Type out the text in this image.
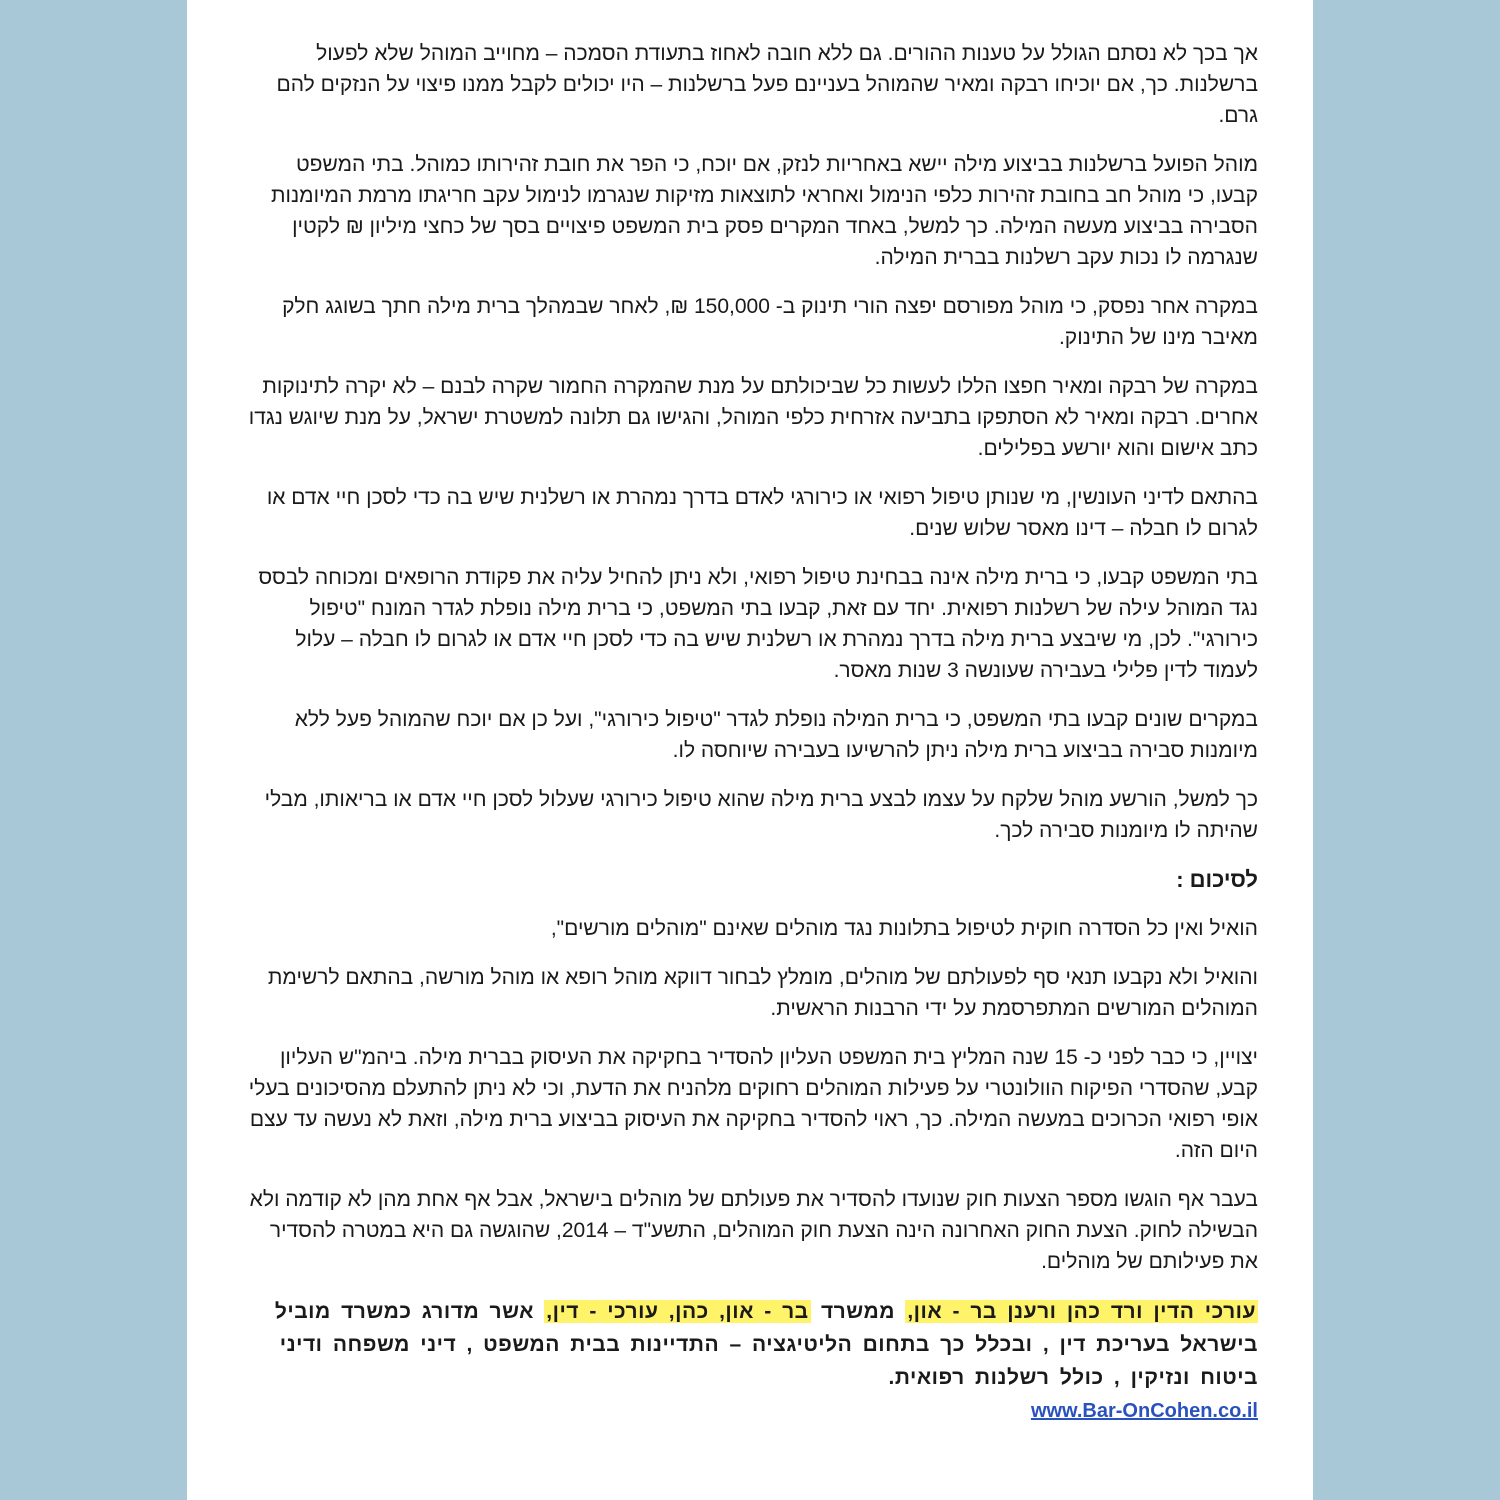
אך בכך לא נסתם הגולל על טענות ההורים. גם ללא חובה לאחוז בתעודת הסמכה – מחוייב המוהל שלא לפעול ברשלנות. כך, אם יוכיחו רבקה ומאיר שהמוהל בעניינם פעל ברשלנות – היו יכולים לקבל ממנו פיצוי על הנזקים להם גרם.

מוהל הפועל ברשלנות בביצוע מילה יישא באחריות לנזק, אם יוכח, כי הפר את חובת זהירותו כמוהל. בתי המשפט קבעו, כי מוהל חב בחובת זהירות כלפי הנימול ואחראי לתוצאות מזיקות שנגרמו לנימול עקב חריגתו מרמת המיומנות הסבירה בביצוע מעשה המילה. כך למשל, באחד המקרים פסק בית המשפט פיצויים בסך של כחצי מיליון ₪ לקטין שנגרמה לו נכות עקב רשלנות בברית המילה.

במקרה אחר נפסק, כי מוהל מפורסם יפצה הורי תינוק ב- 150,000 ₪, לאחר שבמהלך ברית מילה חתך בשוגג חלק מאיבר מינו של התינוק.

במקרה של רבקה ומאיר חפצו הללו לעשות כל שביכולתם על מנת שהמקרה החמור שקרה לבנם – לא יקרה לתינוקות אחרים. רבקה ומאיר לא הסתפקו בתביעה אזרחית כלפי המוהל, והגישו גם תלונה למשטרת ישראל, על מנת שיוגש נגדו כתב אישום והוא יורשע בפלילים.

בהתאם לדיני העונשין, מי שנותן טיפול רפואי או כירורגי לאדם בדרך נמהרת או רשלנית שיש בה כדי לסכן חיי אדם או לגרום לו חבלה – דינו מאסר שלוש שנים.

בתי המשפט קבעו, כי ברית מילה אינה בבחינת טיפול רפואי, ולא ניתן להחיל עליה את פקודת הרופאים ומכוחה לבסס נגד המוהל עילה של רשלנות רפואית. יחד עם זאת, קבעו בתי המשפט, כי ברית מילה נופלת לגדר המונח "טיפול כירורגי". לכן, מי שיבצע ברית מילה בדרך נמהרת או רשלנית שיש בה כדי לסכן חיי אדם או לגרום לו חבלה – עלול לעמוד לדין פלילי בעבירה שעונשה 3 שנות מאסר.

במקרים שונים קבעו בתי המשפט, כי ברית המילה נופלת לגדר "טיפול כירורגי", ועל כן אם יוכח שהמוהל פעל ללא מיומנות סבירה בביצוע ברית מילה ניתן להרשיעו בעבירה שיוחסה לו.

כך למשל, הורשע מוהל שלקח על עצמו לבצע ברית מילה שהוא טיפול כירורגי שעלול לסכן חיי אדם או בריאותו, מבלי שהיתה לו מיומנות סבירה לכך.

לסיכום :

הואיל ואין כל הסדרה חוקית לטיפול בתלונות נגד מוהלים שאינם "מוהלים מורשים",

והואיל ולא נקבעו תנאי סף לפעולתם של מוהלים, מומלץ לבחור דווקא מוהל רופא או מוהל מורשה, בהתאם לרשימת המוהלים המורשים המתפרסמת על ידי הרבנות הראשית.

יצויין, כי כבר לפני כ- 15 שנה המליץ בית המשפט העליון להסדיר בחקיקה את העיסוק בברית מילה. ביהמ"ש העליון קבע, שהסדרי הפיקוח הוולונטרי על פעילות המוהלים רחוקים מלהניח את הדעת, וכי לא ניתן להתעלם מהסיכונים בעלי אופי רפואי הכרוכים במעשה המילה. כך, ראוי להסדיר בחקיקה את העיסוק בביצוע ברית מילה, וזאת לא נעשה עד עצם היום הזה.

בעבר אף הוגשו מספר הצעות חוק שנועדו להסדיר את פעולתם של מוהלים בישראל, אבל אף אחת מהן לא קודמה ולא הבשילה לחוק. הצעת החוק האחרונה הינה הצעת חוק המוהלים, התשע"ד – 2014, שהוגשה גם היא במטרה להסדיר את פעילותם של מוהלים.

עורכי הדין ורד כהן ורענן בר - און, ממשרד בר - און, כהן, עורכי - דין, אשר מדורג כמשרד מוביל בישראל בעריכת דין , ובכלל כך בתחום הליטיגציה – התדיינות בבית המשפט , דיני משפחה ודיני ביטוח ונזיקין , כולל רשלנות רפואית.

www.Bar-OnCohen.co.il
